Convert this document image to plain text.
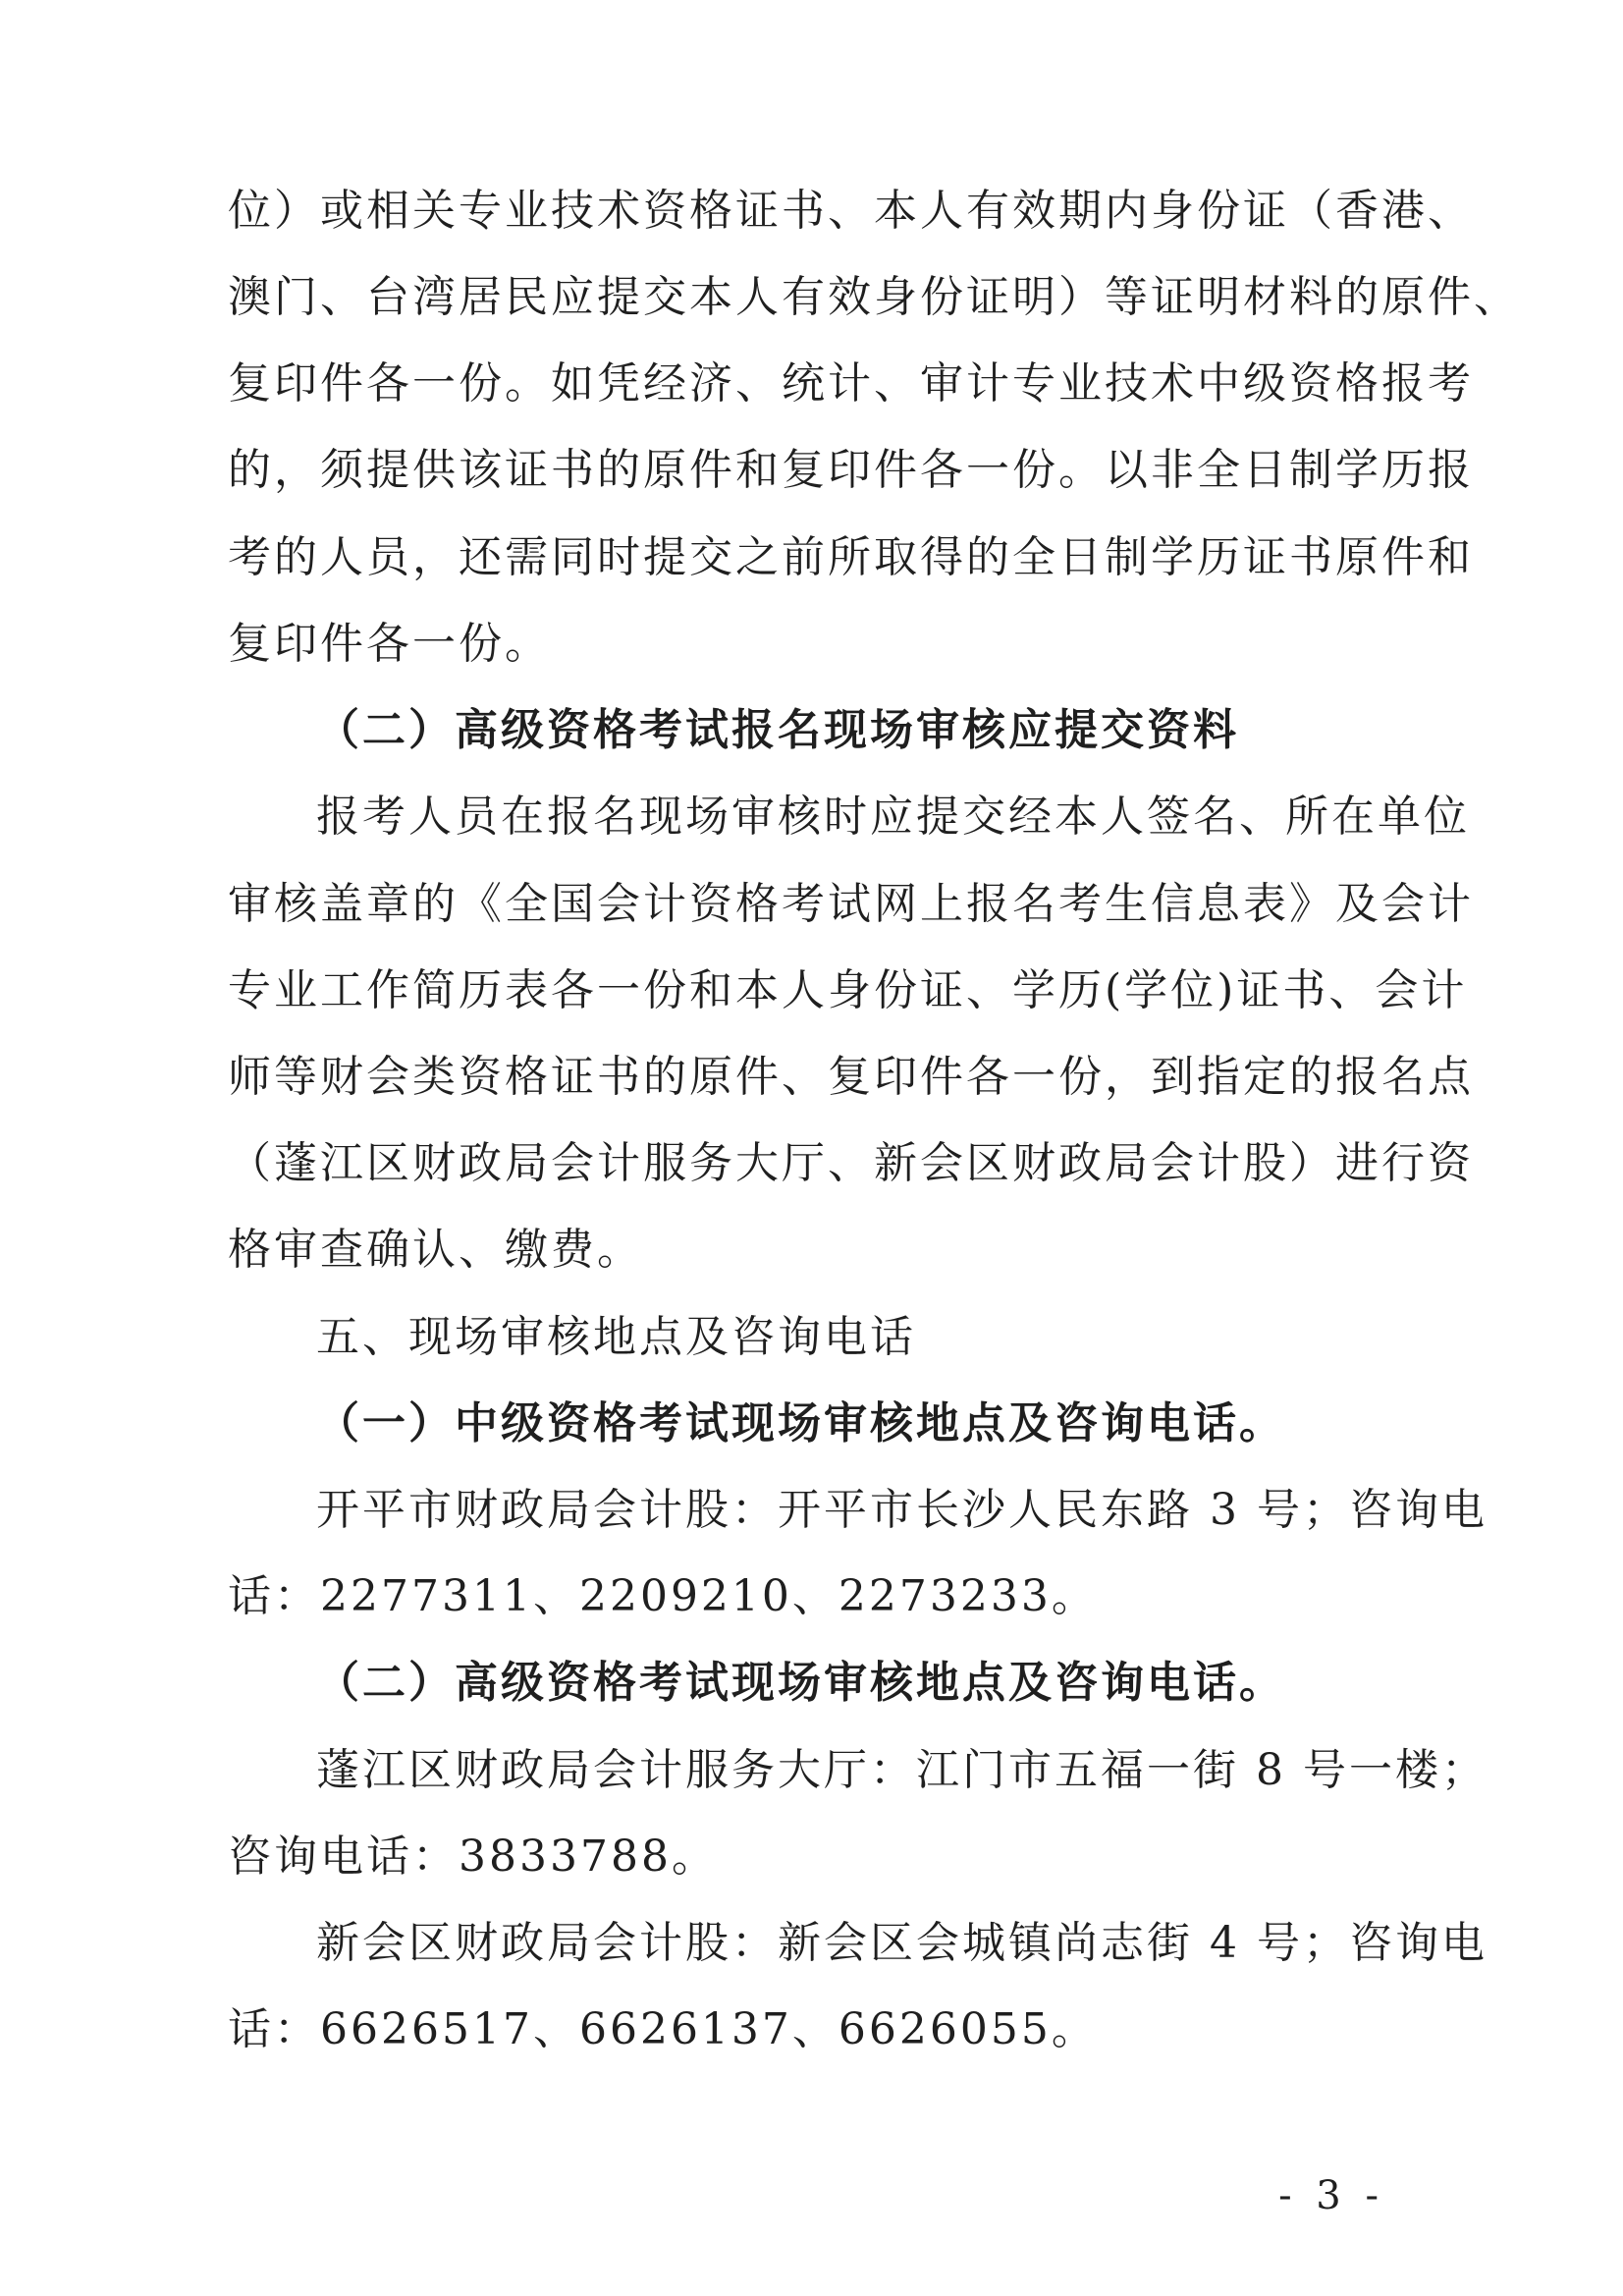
位）或相关专业技术资格证书、本人有效期内身份证（香港、
澳门、台湾居民应提交本人有效身份证明）等证明材料的原件、
复印件各一份。如凭经济、统计、审计专业技术中级资格报考
的，须提供该证书的原件和复印件各一份。以非全日制学历报
考的人员，还需同时提交之前所取得的全日制学历证书原件和
复印件各一份。
（二）高级资格考试报名现场审核应提交资料
报考人员在报名现场审核时应提交经本人签名、所在单位
审核盖章的《全国会计资格考试网上报名考生信息表》及会计
专业工作简历表各一份和本人身份证、学历(学位)证书、会计
师等财会类资格证书的原件、复印件各一份，到指定的报名点
（蓬江区财政局会计服务大厅、新会区财政局会计股）进行资
格审查确认、缴费。
五、现场审核地点及咨询电话
（一）中级资格考试现场审核地点及咨询电话。
开平市财政局会计股：开平市长沙人民东路 3 号；咨询电
话：2277311、2209210、2273233。
（二）高级资格考试现场审核地点及咨询电话。
蓬江区财政局会计服务大厅：江门市五福一街 8 号一楼；
咨询电话：3833788。
新会区财政局会计股：新会区会城镇尚志街 4 号；咨询电
话：6626517、6626137、6626055。
- 3 -
